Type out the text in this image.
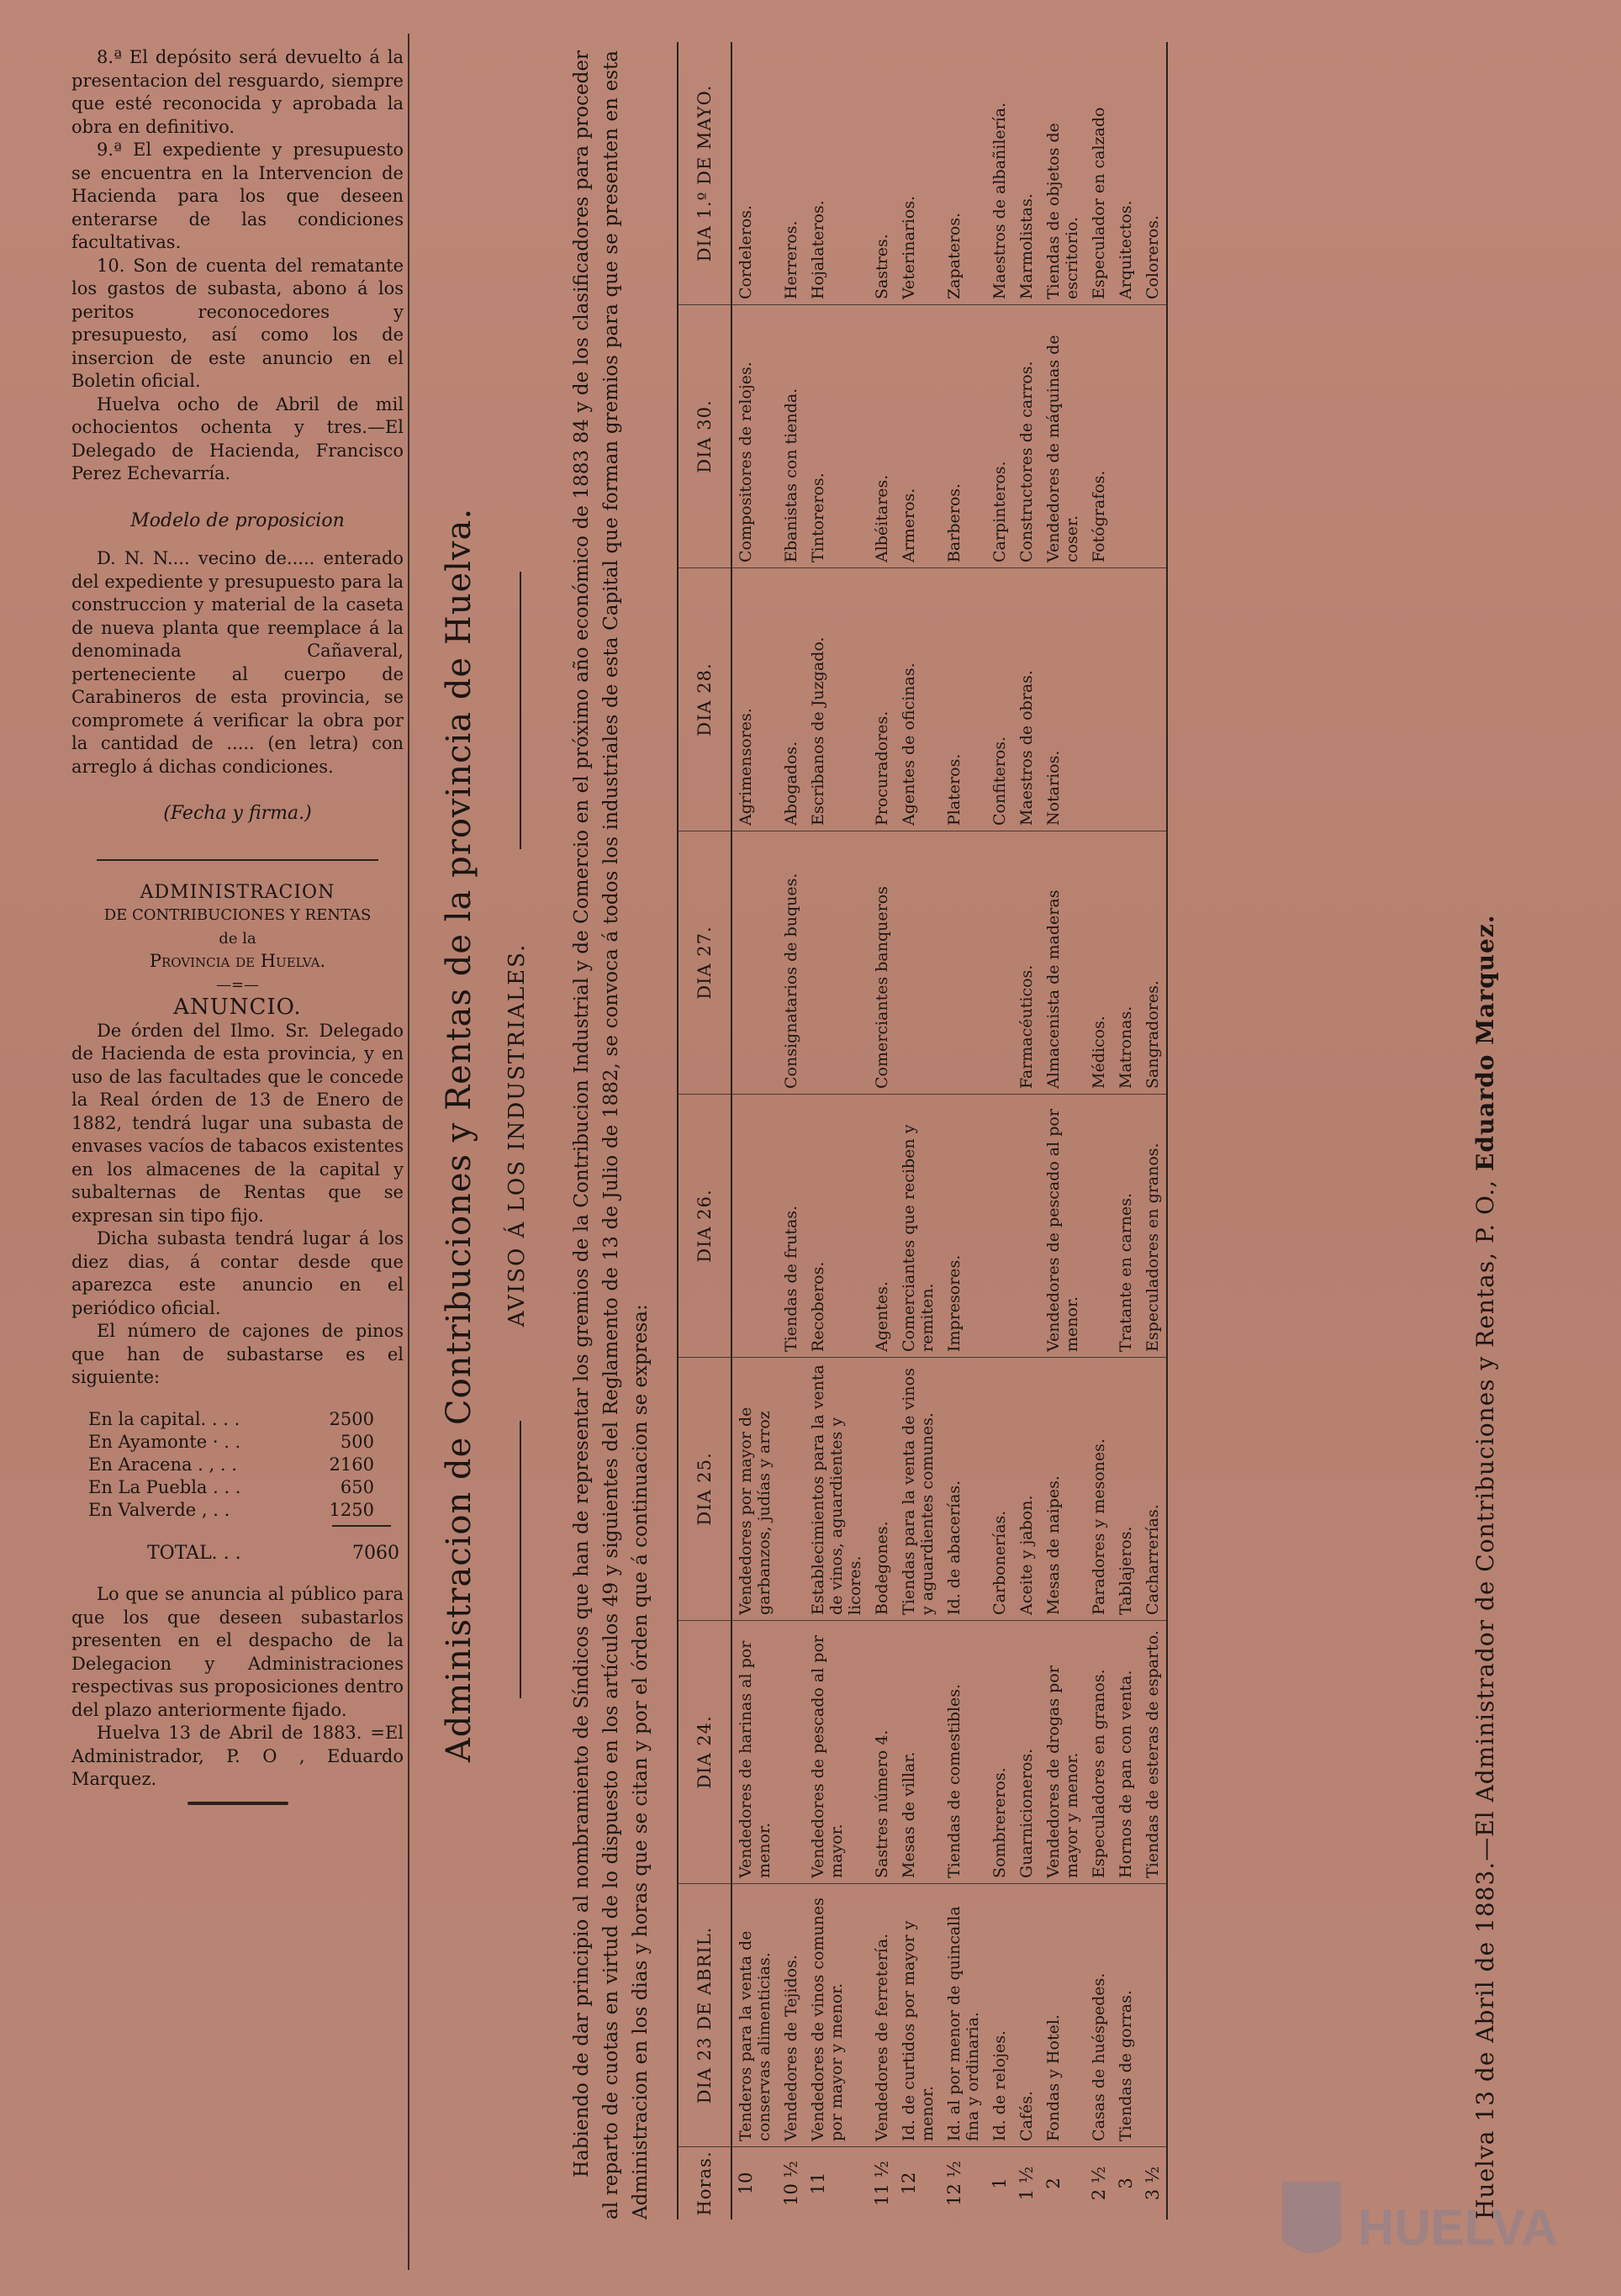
8.ª El depósito será devuelto á la presentacion del resguardo, siempre que esté reconocida y aprobada la obra en definitivo.

9.ª El expediente y presupuesto se encuentra en la Intervencion de Hacienda para los que deseen enterarse de las condiciones facultativas.

10. Son de cuenta del rematante los gastos de subasta, abono á los peritos reconocedores y presupuesto, así como los de insercion de este anuncio en el Boletin oficial.

Huelva ocho de Abril de mil ochocientos ochenta y tres.—El Delegado de Hacienda, Francisco Perez Echevarría.

Modelo de proposicion

D. N. N.... vecino de..... enterado del expediente y presupuesto para la construccion y material de la caseta de nueva planta que reemplace á la denominada Cañaveral, perteneciente al cuerpo de Carabineros de esta provincia, se compromete á verificar la obra por la cantidad de ..... (en letra) con arreglo á dichas condiciones.

(Fecha y firma.)

ADMINISTRACION

DE CONTRIBUCIONES Y RENTAS

de la

Provincia de Huelva.

—=—

ANUNCIO.

De órden del Ilmo. Sr. Delegado de Hacienda de esta provincia, y en uso de las facultades que le concede la Real órden de 13 de Enero de 1882, tendrá lugar una subasta de envases vacíos de tabacos existentes en los almacenes de la capital y subalternas de Rentas que se expresan sin tipo fijo.

Dicha subasta tendrá lugar á los diez dias, á contar desde que aparezca este anuncio en el periódico oficial.

El número de cajones de pinos que han de subastarse es el siguiente:

En la capital. . . .	2500
En Ayamonte · . .	500
En Aracena . , . .	2160
En La Puebla . . .	650
En Valverde , . .	1250
TOTAL. . .	7060

Lo que se anuncia al público para que los que deseen subastarlos presenten en el despacho de la Delegacion y Administraciones respectivas sus proposiciones dentro del plazo anteriormente fijado.

Huelva 13 de Abril de 1883. =El Administrador, P. O , Eduardo Marquez.

Administracion de Contribuciones y Rentas de la provincia de Huelva. AVISO Á LOS INDUSTRIALES. Habiendo de dar principio al nombramiento de Síndicos que han de representar los gremios de la Contribucion Industrial y de Comercio en el próximo año económico de 1883 84 y de los clasificadores para proceder al reparto de cuotas en virtud de lo dispuesto en los artículos 49 y siguientes del Reglamento de 13 de Julio de 1882, se convoca á todos los industriales de esta Capital que forman gremios para que se presenten en esta Administracion en los dias y horas que se citan y por el órden que á continuacion se expresa: Horas.	DIA 23 DE ABRIL.	DIA 24.	DIA 25.	DIA 26.	DIA 27.	DIA 28.	DIA 30.	DIA 1.º DE MAYO.
10	Tenderos para la venta de conservas alimenticias.	Vendedores de harinas al por menor.	Vendedores por mayor de garbanzos, judías y arroz			Agrimensores.	Compositores de relojes.	Cordeleros.
10 ½	Vendedores de Tejidos.			Tiendas de frutas.	Consignatarios de buques.	Abogados.	Ebanistas con tienda.	Herreros.
11	Vendedores de vinos comunes por mayor y menor.	Vendedores de pescado al por mayor.	Establecimientos para la venta de vinos, aguardientes y licores.	Recoberos.		Escribanos de Juzgado.	Tintoreros.	Hojalateros.
11 ½	Vendedores de ferretería.	Sastres número 4.	Bodegones.	Agentes.	Comerciantes banqueros	Procuradores.	Albéitares.	Sastres.
12	Id. de curtidos por mayor y menor.	Mesas de villar.	Tiendas para la venta de vinos y aguardientes comunes.	Comerciantes que reciben y remiten.		Agentes de oficinas.	Armeros.	Veterinarios.
12 ½	Id. al por menor de quincalla fina y ordinaria.	Tiendas de comestibles.	Id. de abacerías.	Impresores.		Plateros.	Barberos.	Zapateros.
1	Id. de relojes.	Sombrereros.	Carbonerías.			Confiteros.	Carpinteros.	Maestros de albañilería.
1 ½	Cafés.	Guarnicioneros.	Aceite y jabon.		Farmacéuticos.	Maestros de obras.	Constructores de carros.	Marmolistas.
2	Fondas y Hotel.	Vendedores de drogas por mayor y menor.	Mesas de naipes.	Vendedores de pescado al por menor.	Almacenista de maderas	Notarios.	Vendedores de máquinas de coser.	Tiendas de objetos de escritorio.
2 ½	Casas de huéspedes.	Especuladores en granos.	Paradores y mesones.		Médicos.		Fotógrafos.	Especulador en calzado
3	Tiendas de gorras.	Hornos de pan con venta.	Tablajeros.	Tratante en carnes.	Matronas.			Arquitectos.
3 ½		Tiendas de esteras de esparto.	Cacharrerías.	Especuladores en granos.	Sangradores.			Coloreros.
Huelva 13 de Abril de 1883.—El Administrador de Contribuciones y Rentas, P. O., Eduardo Marquez.
HUELVA
